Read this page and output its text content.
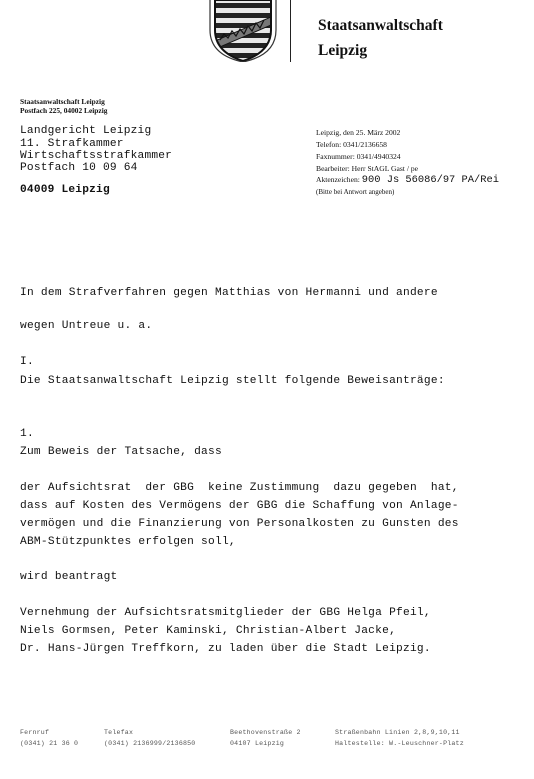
Staatsanwaltschaft
Leipzig
Staatsanwaltschaft Leipzig
Postfach 225, 04002 Leipzig
Landgericht Leipzig
11. Strafkammer
Wirtschaftsstrafkammer
Postfach 10 09 64
04009 Leipzig
Leipzig, den 25. März 2002
Telefon: 0341/2136658
Faxnummer: 0341/4940324
Bearbeiter: Herr StAGL Gast / pe
Aktenzeichen: 900 Js 56086/97 PA/Rei
(Bitte bei Antwort angeben)
In dem Strafverfahren gegen Matthias von Hermanni und andere
wegen Untreue u. a.
I.
Die Staatsanwaltschaft Leipzig stellt folgende Beweisanträge:
1.
Zum Beweis der Tatsache, dass
der Aufsichtsrat  der GBG  keine Zustimmung  dazu gegeben  hat,
dass auf Kosten des Vermögens der GBG die Schaffung von Anlage-
vermögen und die Finanzierung von Personalkosten zu Gunsten des
ABM-Stützpunktes erfolgen soll,
wird beantragt
Vernehmung der Aufsichtsratsmitglieder der GBG Helga Pfeil,
Niels Gormsen, Peter Kaminski, Christian-Albert Jacke,
Dr. Hans-Jürgen Treffkorn, zu laden über die Stadt Leipzig.
Fernruf
(0341) 21 36 0
Telefax
(0341) 2136999/2136850
Beethovenstraße 2
04107 Leipzig
Straßenbahn Linien 2,8,9,10,11
Haltestelle: W.-Leuschner-Platz
